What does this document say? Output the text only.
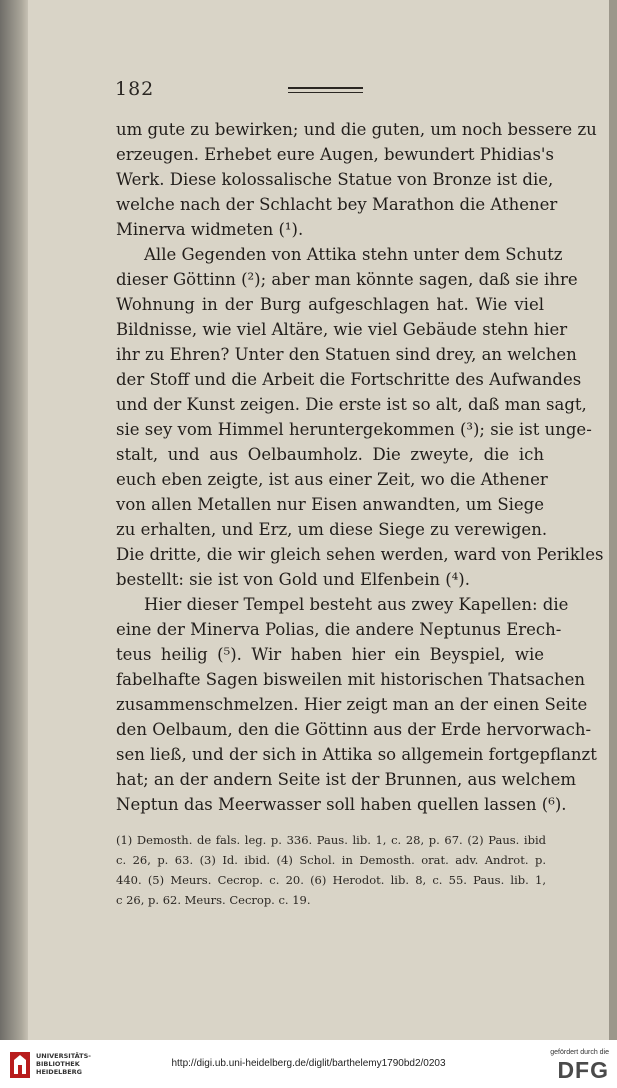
182
um gute zu bewirken; und die guten, um noch bessere zu
erzeugen. Erhebet eure Augen, bewundert Phidias's
Werk. Diese kolossalische Statue von Bronze ist die,
welche nach der Schlacht bey Marathon die Athener
Minerva widmeten (¹).
Alle Gegenden von Attika stehn unter dem Schutz
dieser Göttinn (²); aber man könnte sagen, daß sie ihre
Wohnung in der Burg aufgeschlagen hat. Wie viel
Bildnisse, wie viel Altäre, wie viel Gebäude stehn hier
ihr zu Ehren? Unter den Statuen sind drey, an welchen
der Stoff und die Arbeit die Fortschritte des Aufwandes
und der Kunst zeigen. Die erste ist so alt, daß man sagt,
sie sey vom Himmel heruntergekommen (³); sie ist unge-
stalt, und aus Oelbaumholz. Die zweyte, die ich
euch eben zeigte, ist aus einer Zeit, wo die Athener
von allen Metallen nur Eisen anwandten, um Siege
zu erhalten, und Erz, um diese Siege zu verewigen.
Die dritte, die wir gleich sehen werden, ward von Perikles
bestellt: sie ist von Gold und Elfenbein (⁴).
Hier dieser Tempel besteht aus zwey Kapellen: die
eine der Minerva Polias, die andere Neptunus Erech-
teus heilig (⁵). Wir haben hier ein Beyspiel, wie
fabelhafte Sagen bisweilen mit historischen Thatsachen
zusammenschmelzen. Hier zeigt man an der einen Seite
den Oelbaum, den die Göttinn aus der Erde hervorwach-
sen ließ, und der sich in Attika so allgemein fortgepflanzt
hat; an der andern Seite ist der Brunnen, aus welchem
Neptun das Meerwasser soll haben quellen lassen (⁶).
(1) Demosth. de fals. leg. p. 336. Paus. lib. 1, c. 28, p. 67. (2) Paus. ibid
c. 26, p. 63. (3) Id. ibid. (4) Schol. in Demosth. orat. adv. Androt. p.
440. (5) Meurs. Cecrop. c. 20. (6) Herodot. lib. 8, c. 55. Paus. lib. 1,
c 26, p. 62. Meurs. Cecrop. c. 19.
UNIVERSITÄTS-
BIBLIOTHEK
HEIDELBERG
http://digi.ub.uni-heidelberg.de/diglit/barthelemy1790bd2/0203
gefördert durch die
DFG
